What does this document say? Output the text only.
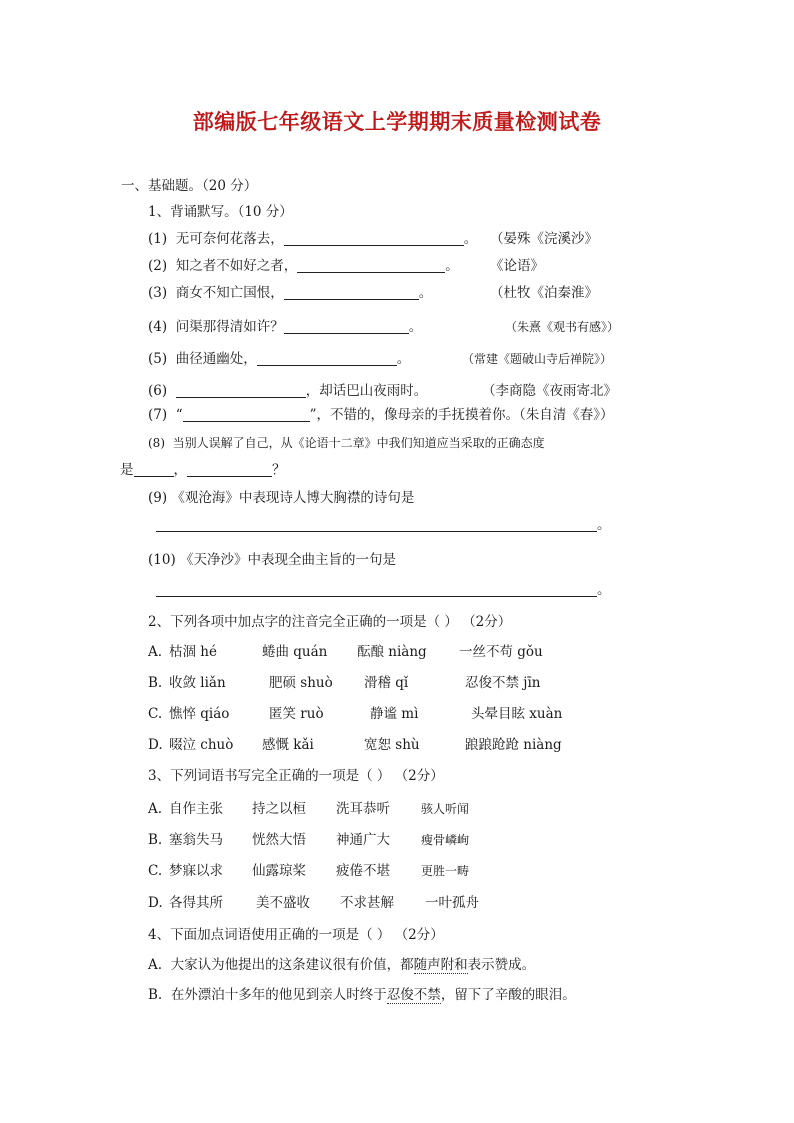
部编版七年级语文上学期期末质量检测试卷
一、基础题。（20 分）
1、背诵默写。（10 分）
(1) 无可奈何花落去，	。 （晏殊《浣溪沙》
(2) 知之者不如好之者，	。 《论语》
(3) 商女不知亡国恨，	。	（杜牧《泊秦淮》
(4) 问渠那得清如许？	。	（朱熹《观书有感》）
(5) 曲径通幽处，	。	（常建《题破山寺后禅院》）
(6)	，却话巴山夜雨时。	（李商隐《夜雨寄北》
(7) “	”，不错的，像母亲的手抚摸着你。（朱自清《春》）
(8) 当别人误解了自己，从《论语十二章》中我们知道应当采取的正确态度
是	，	？
(9) 《观沧海》中表现诗人博大胸襟的诗句是
。
(10) 《天净沙》中表现全曲主旨的一句是
。
2、下列各项中加点字的注音完全正确的一项是（ ） （2分）
A. 枯涸 hé	蜷曲 quán 酝酿 niàng 一丝不苟 gǒu
B. 收敛 liǎn	肥硕 shuò 滑稽 qǐ	忍俊不禁 jīn
C. 憔悴 qiáo	匿笑 ruò	静谧 mì	头晕目眩 xuàn
D. 啜泣 chuò 感慨 kǎi	宽恕 shù	踉踉跄跄 niàng
3、下列词语书写完全正确的一项是（ ） （2分）
A. 自作主张 持之以桓 洗耳恭听	骇人听闻
B. 塞翁失马 恍然大悟 神通广大	瘦骨嶙峋
C. 梦寐以求 仙露琼桨 疲倦不堪	更胜一畴
D. 各得其所 美不盛收 不求甚解 一叶孤舟
4、下面加点词语使用正确的一项是（ ） （2分）
A. 大家认为他提出的这条建议很有价值，都随声附和表示赞成。
B. 在外漂泊十多年的他见到亲人时终于忍俊不禁，留下了辛酸的眼泪。
